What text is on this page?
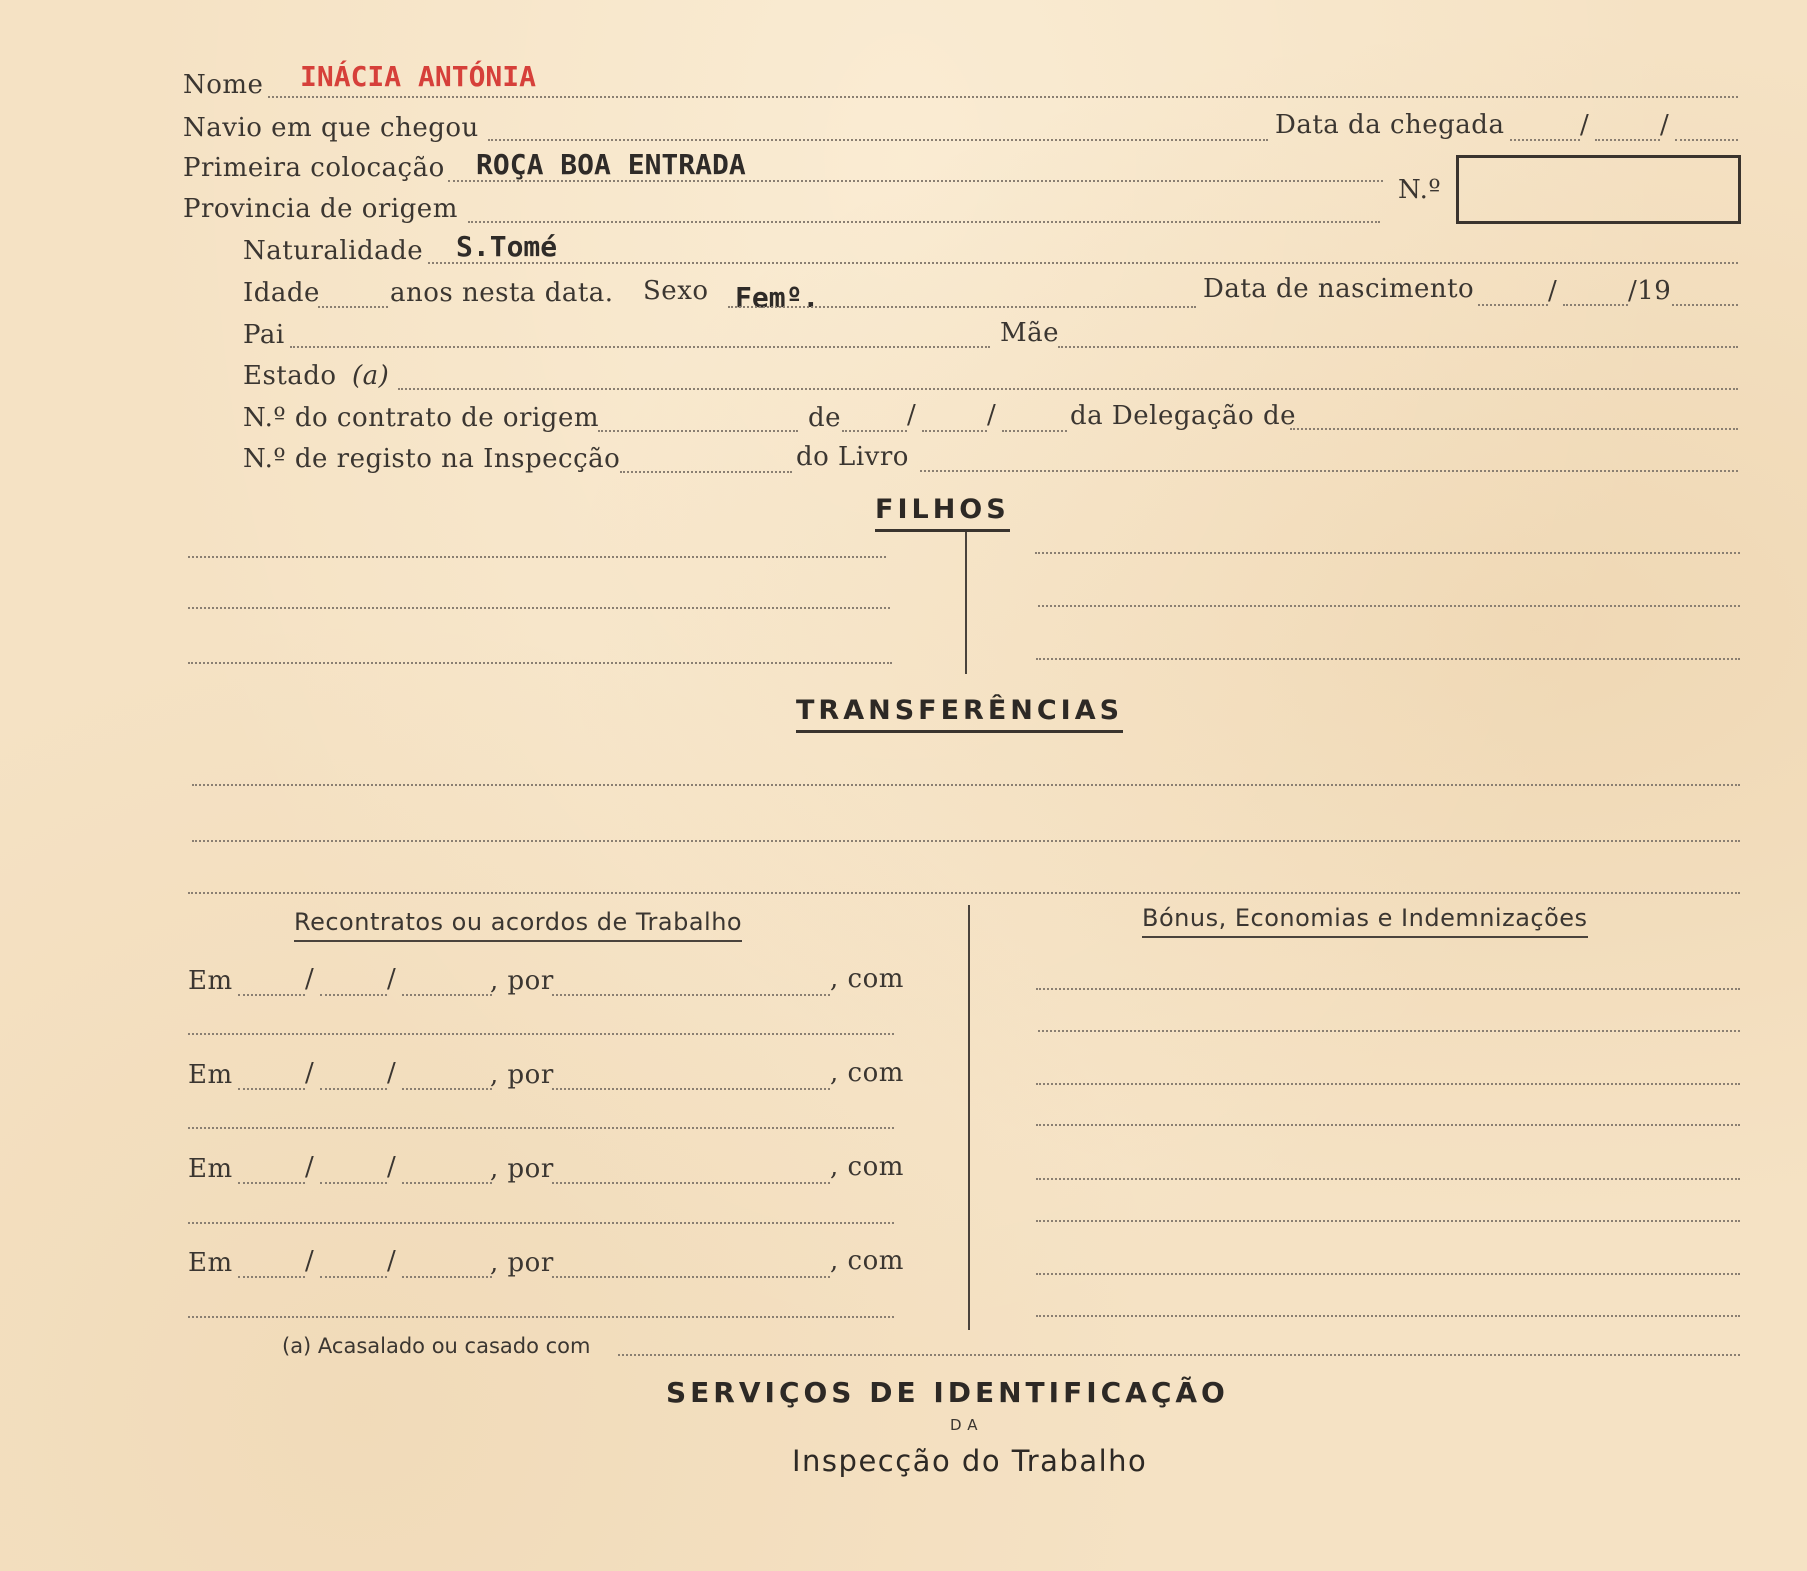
Nome INÁCIA ANTÓNIA
Navio em que chegou	Data da chegada	/	/
Primeira colocação ROÇA BOA ENTRADA
N.º
Provincia de origem
Naturalidade S.Tomé
Idade	anos nesta data. Sexo Femº.	Data de nascimento	/	/19
Pai	Mãe
Estado (a)
N.º do contrato de origem	de	/	/	da Delegação de
N.º de registo na Inspecção	do Livro
FILHOS
TRANSFERÊNCIAS
Recontratos ou acordos de Trabalho	Bónus, Economias e Indemnizações
Em	/	/	, por	, com
Em	/	/	, por	, com
Em	/	/	, por	, com
Em	/	/	, por	, com
(a) Acasalado ou casado com
SERVIÇOS DE IDENTIFICAÇÃO
DA
Inspecção do Trabalho
